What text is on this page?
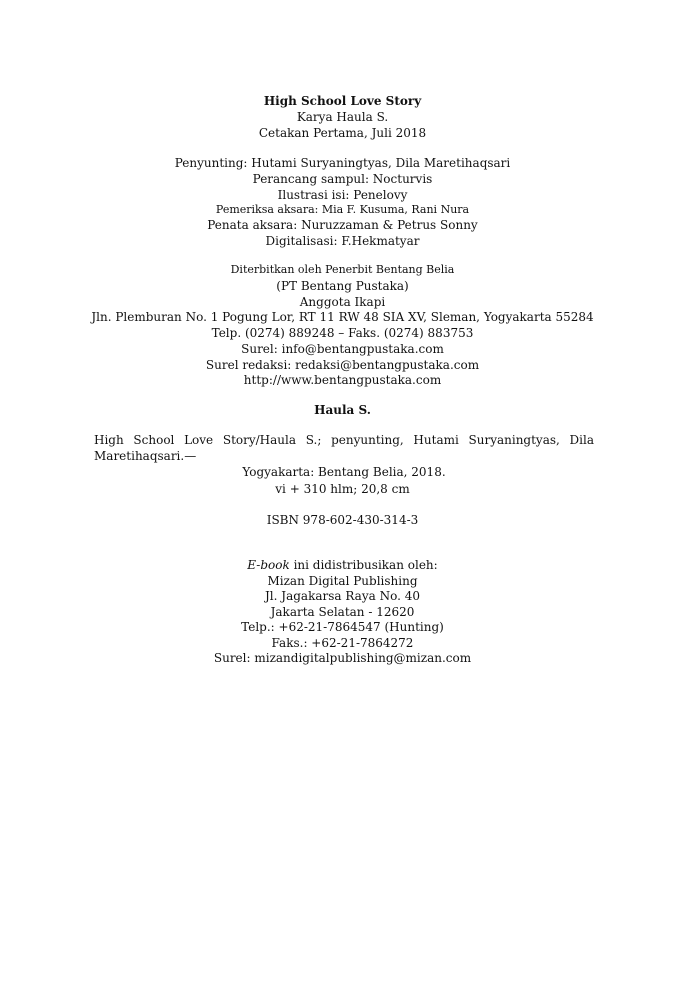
High School Love Story
Karya Haula S.
Cetakan Pertama, Juli 2018
Penyunting: Hutami Suryaningtyas, Dila Maretihaqsari
Perancang sampul: Nocturvis
Ilustrasi isi: Penelovy
Pemeriksa aksara: Mia F. Kusuma, Rani Nura
Penata aksara: Nuruzzaman & Petrus Sonny
Digitalisasi: F.Hekmatyar
Diterbitkan oleh Penerbit Bentang Belia
(PT Bentang Pustaka)
Anggota Ikapi
Jln. Plemburan No. 1 Pogung Lor, RT 11 RW 48 SIA XV, Sleman, Yogyakarta 55284
Telp. (0274) 889248 – Faks. (0274) 883753
Surel: info@bentangpustaka.com
Surel redaksi: redaksi@bentangpustaka.com
http://www.bentangpustaka.com
Haula S.
High School Love Story/Haula S.; penyunting, Hutami Suryaningtyas, Dila Maretihaqsari.—
Yogyakarta: Bentang Belia, 2018.
vi + 310 hlm; 20,8 cm
ISBN 978-602-430-314-3
E-book ini didistribusikan oleh:
Mizan Digital Publishing
Jl. Jagakarsa Raya No. 40
Jakarta Selatan - 12620
Telp.: +62-21-7864547 (Hunting)
Faks.: +62-21-7864272
Surel: mizandigitalpublishing@mizan.com
